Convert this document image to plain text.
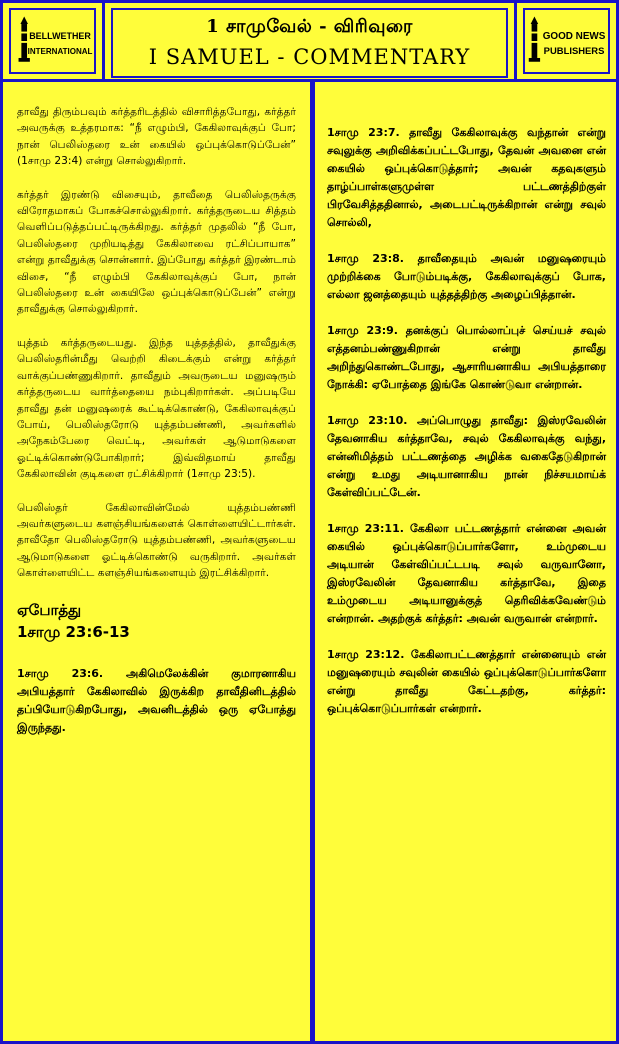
BELLWETHER
INTERNATIONAL
1 சாமுவேல் - விரிவுரை
I SAMUEL - COMMENTARY
GOOD NEWS
PUBLISHERS

தாவீது திரும்பவும் கர்த்தரிடத்தில் விசாரித்தபோது, கர்த்தர் அவருக்கு உத்தரமாக: “நீ எழும்பி, கேகிலாவுக்குப் போ; நான் பெலிஸ்தரை உன் கையில் ஒப்புக்கொடுப்பேன்” (1சாமு 23:4) என்று சொல்லுகிறார்.

கர்த்தர் இரண்டு விசையும், தாவீதை பெலிஸ்தருக்கு விரோதமாகப் போகச்சொல்லுகிறார். கர்த்தருடைய சித்தம் வெளிப்படுத்தப்பட்டிருக்கிறது. கர்த்தர் முதலில் “நீ போ, பெலிஸ்தரை முறியடித்து கேகிலாவை ரட்சிப்பாயாக” என்று தாவீதுக்கு சொன்னார். இப்போது கர்த்தர் இரண்டாம் விசை, “நீ எழும்பி கேகிலாவுக்குப் போ, நான் பெலிஸ்தரை உன் கையிலே ஒப்புக்கொடுப்பேன்” என்று தாவீதுக்கு சொல்லுகிறார்.

யுத்தம் கர்த்தருடையது. இந்த யுத்தத்தில், தாவீதுக்கு பெலிஸ்தரின்மீது வெற்றி கிடைக்கும் என்று கர்த்தர் வாக்குப்பண்ணுகிறார். தாவீதும் அவருடைய மனுஷரும் கர்த்தருடைய வார்த்தையை நம்புகிறார்கள். அப்படியே தாவீது தன் மனுஷரைக் கூட்டிக்கொண்டு, கேகிலாவுக்குப் போய், பெலிஸ்தரோடு யுத்தம்பண்ணி, அவர்களில் அநேகம்பேரை வெட்டி, அவர்கள் ஆடுமாடுகளை ஓட்டிக்கொண்டுபோகிறார்; இவ்விதமாய் தாவீது கேகிலாவின் குடிகளை ரட்சிக்கிறார் (1சாமு 23:5).

பெலிஸ்தர் கேகிலாவின்மேல் யுத்தம்பண்ணி அவர்களுடைய களஞ்சியங்களைக் கொள்ளையிட்டார்கள். தாவீதோ பெலிஸ்தரோடு யுத்தம்பண்ணி, அவர்களுடைய ஆடுமாடுகளை ஓட்டிக்கொண்டு வருகிறார். அவர்கள் கொள்ளையிட்ட களஞ்சியங்களையும் இரட்சிக்கிறார்.

ஏபோத்து
1சாமு 23:6-13

1சாமு 23:6. அகிமெலேக்கின் குமாரனாகிய அபியத்தார் கேகிலாவில் இருக்கிற தாவீதினிடத்தில் தப்பியோடுகிறபோது, அவனிடத்தில் ஒரு ஏபோத்து இருந்தது.

1சாமு 23:7. தாவீது கேகிலாவுக்கு வந்தான் என்று சவுலுக்கு அறிவிக்கப்பட்டபோது, தேவன் அவனை என் கையில் ஒப்புக்கொடுத்தார்; அவன் கதவுகளும் தாழ்ப்பாள்களுமுள்ள பட்டணத்திற்குள் பிரவேசித்ததினால், அடைபட்டிருக்கிறான் என்று சவுல் சொல்லி,

1சாமு 23:8. தாவீதையும் அவன் மனுஷரையும் முற்றிக்கை போடும்படிக்கு, கேகிலாவுக்குப் போக, எல்லா ஜனத்தையும் யுத்தத்திற்கு அழைப்பித்தான்.

1சாமு 23:9. தனக்குப் பொல்லாப்புச் செய்யச் சவுல் எத்தனம்பண்ணுகிறான் என்று தாவீது அறிந்துகொண்டபோது, ஆசாரியனாகிய அபியத்தாரை நோக்கி: ஏபோத்தை இங்கே கொண்டுவா என்றான்.

1சாமு 23:10. அப்பொழுது தாவீது: இஸ்ரவேலின் தேவனாகிய கர்த்தாவே, சவுல் கேகிலாவுக்கு வந்து, என்னிமித்தம் பட்டணத்தை அழிக்க வகைதேடுகிறான் என்று உமது அடியானாகிய நான் நிச்சயமாய்க் கேள்விப்பட்டேன்.

1சாமு 23:11. கேகிலா பட்டணத்தார் என்னை அவன் கையில் ஒப்புக்கொடுப்பார்களோ, உம்முடைய அடியான் கேள்விப்பட்டபடி சவுல் வருவானோ, இஸ்ரவேலின் தேவனாகிய கர்த்தாவே, இதை உம்முடைய அடியானுக்குத் தெரிவிக்கவேண்டும் என்றான். அதற்குக் கர்த்தர்: அவன் வருவான் என்றார்.

1சாமு 23:12. கேகிலாபட்டணத்தார் என்னையும் என் மனுஷரையும் சவுலின் கையில் ஒப்புக்கொடுப்பார்களோ என்று தாவீது கேட்டதற்கு, கர்த்தர்: ஒப்புக்கொடுப்பார்கள் என்றார்.
